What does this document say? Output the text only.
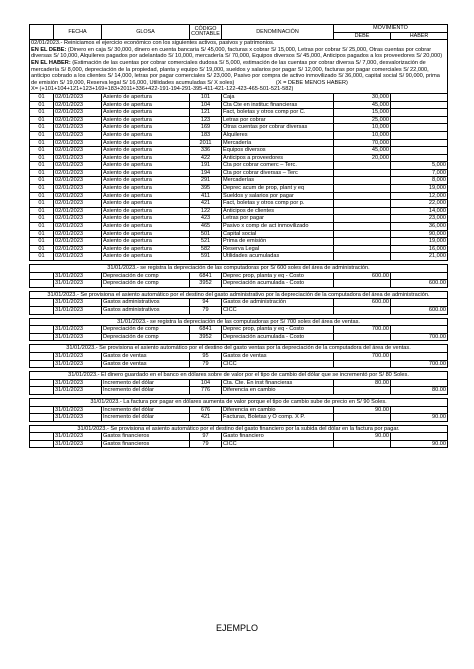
	FECHA	GLOSA	CÓDIGO CONTABLE	DENOMINACIÓN	MOVIMIENTO	
					DEBE	HABER

02/01/2023.- Reiniciamos el ejercicio económico con los siguientes activos, pasivos y patrimonios.
EN EL DEBE: (Dinero en caja S/ 30,000, dinero en cuenta bancaria S/ 45,000, facturas x cobrar S/ 15,000, Letras por cobrar S/ 25,000, Otras cuentas por cobrar diversas S/ 10,000, Alquileres pagados por adelantado S/ 10,000, mercadería S/ 70,000, Equipos diversos S/ 45,000, Anticipos pagados a los proveedores S/ 20,000)
EN EL HABER: (Estimación de las cuentas por cobrar comerciales dudosa S/ 5,000, estimación de las cuentas por cobrar diversa S/ 7,000, desvalorización de mercadería S/ 8,000, depreciación de la propiedad, planta y equipo S/ 19,000, sueldos y salarios por pagar S/ 12,000, facturas por pagar comerciales S/ 22,000, anticipo cobrado a los clientes S/ 14,000, letras por pagar comerciales S/ 23,000, Pasivo por compra de activo inmovilizado S/ 36,000, capital social S/ 90,000, prima de emisión S/ 19,000, Reserva legal S/ 16,000, Utilidades acumuladas S/ X soles) (X = DEBE MENOS HABER)
X= (+101+104+121+123+169+183+2011+336+422-191-194-291-395-411-421-122-423-465-501-521-582)						

01	02/01/2023	Asiento de apertura	101	Caja	30,000	
01	02/01/2023	Asiento de apertura	104	Cta Cte en instituc financieras	45,000	
01	02/01/2023	Asiento de apertura	121	Fact, boletas y otros comp por C.	15,000	
01	02/01/2023	Asiento de apertura	123	Letras por cobrar	25,000	
01	02/01/2023	Asiento de apertura	169	Otras cuentas por cobrar diversas	10,000	
01	02/01/2023	Asiento de apertura	183	Alquileres	10,000	
01	02/01/2023	Asiento de apertura	2011	Mercadería	70,000	
01	02/01/2023	Asiento de apertura	336	Equipos diversos	45,000	
01	02/01/2023	Asiento de apertura	422	Anticipos a proveedores	20,000	
01	02/01/2023	Asiento de apertura	191	Cta por cobrar comerc – Terc.		5,000
01	02/01/2023	Asiento de apertura	194	Cta por cobrar diversas – Terc		7,000
01	02/01/2023	Asiento de apertura	291	Mercaderías		8,000
01	02/01/2023	Asiento de apertura	395	Deprec acum de prop, plant y eq		19,000
01	02/01/2023	Asiento de apertura	411	Sueldos y salarios por pagar		12,000
01	02/01/2023	Asiento de apertura	421	Fact, boletas y otros comp por p.		22,000
01	02/01/2023	Asiento de apertura	122	Anticipos de clientes		14,000
01	02/01/2023	Asiento de apertura	423	Letras por pagar		23,000
01	02/01/2023	Asiento de apertura	465	Pasivo x comp de act inmovilizado		36,000
01	02/01/2023	Asiento de apertura	501	Capital social		90,000
01	02/01/2023	Asiento de apertura	521	Prima de emisión		19,000
01	02/01/2023	Asiento de apertura	582	Reserva Legal		16,000
01	02/01/2023	Asiento de apertura	591	Utilidades acumuladas		21,000

31/01/2023.- se registra la depreciación de las computadoras por S/ 600 soles del área de administración.						
	31/01/2023	Depreciación de comp	6841	Deprec prop, planta y eq - Costo	600.00	
	31/01/2023	Depreciación de comp	3952	Depreciación acumulada - Costo		600.00

31/01/2023.- Se provisiona el asiento automático por el destino del gasto administrativo por la depreciación de la computadora del área de administración.						
	31/01/2023	Gastos administrativos	94	Gastos de administración	600.00	
	31/01/2023	Gastos administrativos	79	CICC		600.00

31/01/2023.- se registra la depreciación de las computadoras por S/ 700 soles del área de ventas.						
	31/01/2023	Depreciación de comp	6841	Deprec prop, planta y eq - Costo	700.00	
	31/01/2023	Depreciación de comp	3952	Depreciación acumulada - Costo		700.00

31/01/2023.- Se provisiona el asiento automático por el destino del gasto ventas por la depreciación de la computadora del área de ventas.						
	31/01/2023	Gastos de ventas	95	Gastos de ventas	700.00	
	31/01/2023	Gastos de ventas	79	CICC		700.00

31/01/2023.- El dinero guardado en el banco en dólares sobre de valor por el tipo de cambio del dólar que se incrementó por S/ 80 Soles.						
	31/01/2023	Incremento del dólar	104	Cta. Cte. En inst financieras	80.00	
	31/01/2023	Incremento del dólar	776	Diferencia en cambio		80.00

31/01/2023.- La factura por pagar en dólares aumenta de valor porque el tipo de cambio sube de precio en S/ 90 Soles.						
	31/01/2023	Incremento del dólar	676	Diferencia en cambio	90.00	
	31/01/2023	Incremento del dólar	421	Facturas, Boletas y O comp. X P.		90.00

31/01/2023.- Se provisiona el asiento automático por el destino del gasto financiero por la subida del dólar en la factura por pagar.						
	31/01/2023	Gastos financieros	97	Gasto financiero	90.00	
	31/01/2023	Gastos financieros	79	CICC		90.00
EJEMPLO
